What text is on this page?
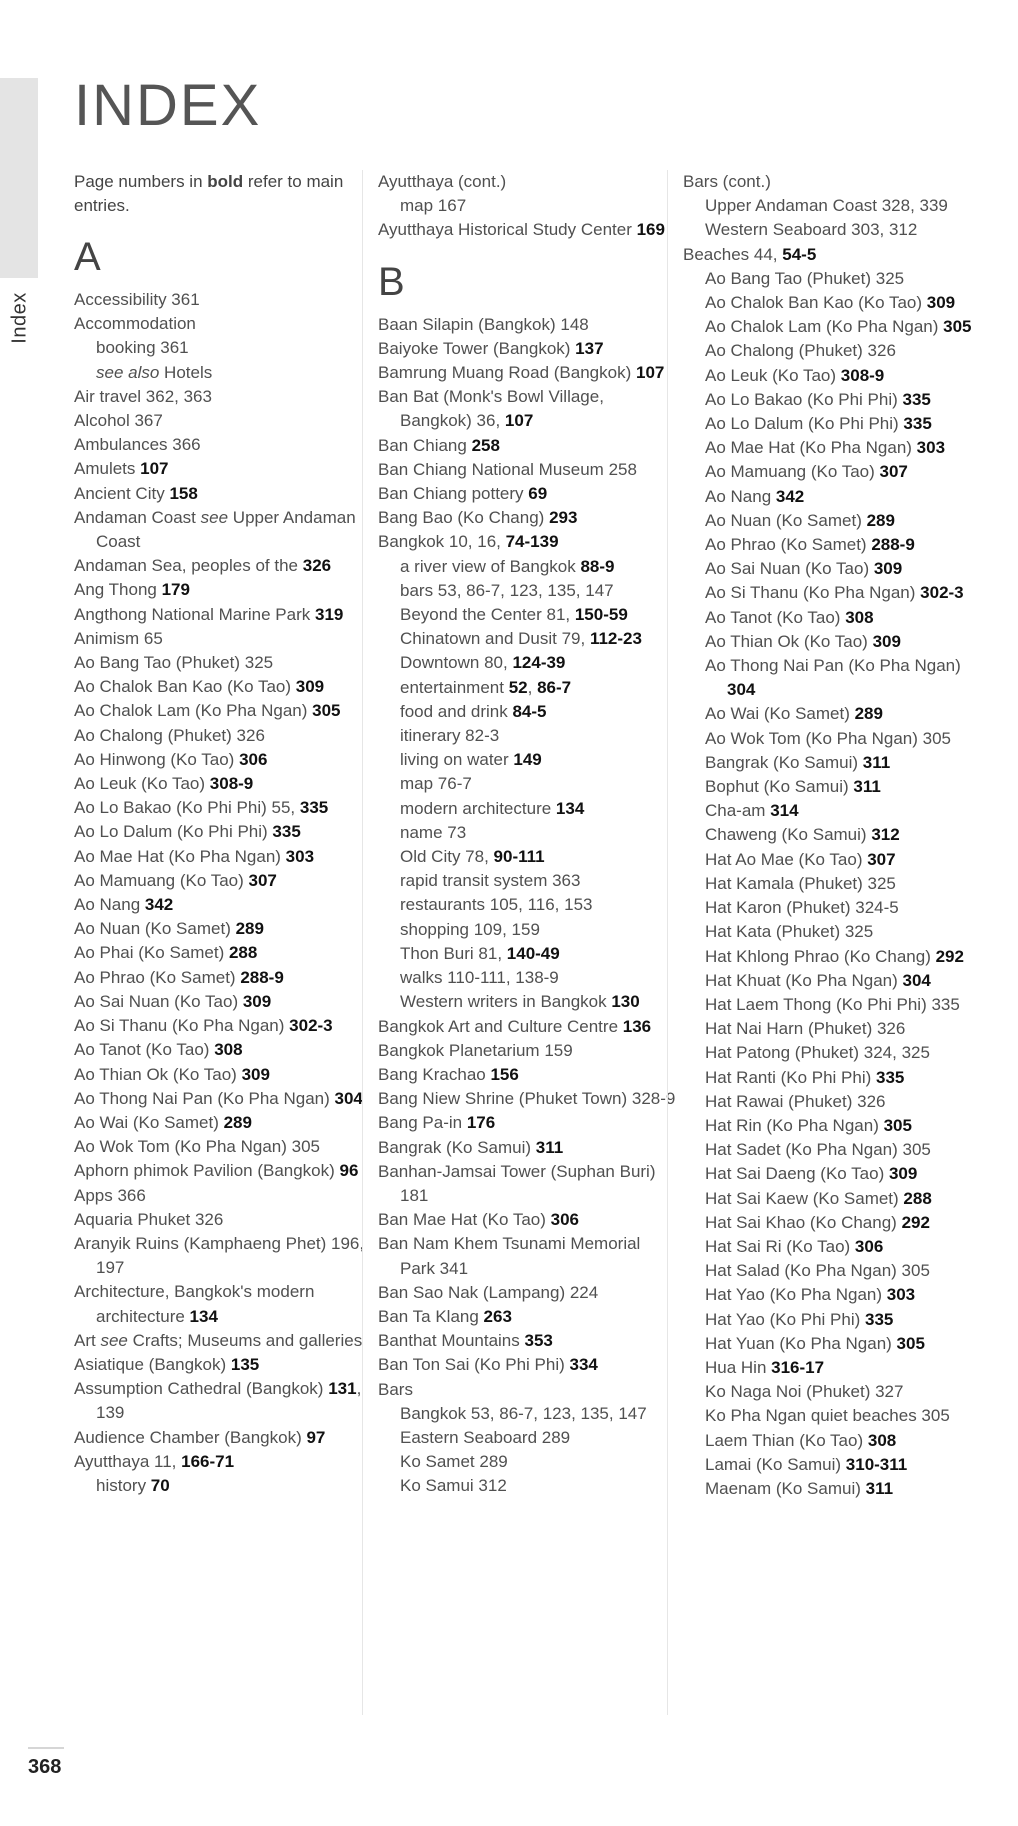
Index
INDEX
Page numbers in bold refer to main entries.
A
Accessibility 361
Accommodation
booking 361
see also Hotels
Air travel 362, 363
Alcohol 367
Ambulances 366
Amulets 107
Ancient City 158
Andaman Coast see Upper Andaman Coast
Andaman Sea, peoples of the 326
Ang Thong 179
Angthong National Marine Park 319
Animism 65
Ao Bang Tao (Phuket) 325
Ao Chalok Ban Kao (Ko Tao) 309
Ao Chalok Lam (Ko Pha Ngan) 305
Ao Chalong (Phuket) 326
Ao Hinwong (Ko Tao) 306
Ao Leuk (Ko Tao) 308-9
Ao Lo Bakao (Ko Phi Phi) 55, 335
Ao Lo Dalum (Ko Phi Phi) 335
Ao Mae Hat (Ko Pha Ngan) 303
Ao Mamuang (Ko Tao) 307
Ao Nang 342
Ao Nuan (Ko Samet) 289
Ao Phai (Ko Samet) 288
Ao Phrao (Ko Samet) 288-9
Ao Sai Nuan (Ko Tao) 309
Ao Si Thanu (Ko Pha Ngan) 302-3
Ao Tanot (Ko Tao) 308
Ao Thian Ok (Ko Tao) 309
Ao Thong Nai Pan (Ko Pha Ngan) 304
Ao Wai (Ko Samet) 289
Ao Wok Tom (Ko Pha Ngan) 305
Aphorn phimok Pavilion (Bangkok) 96
Apps 366
Aquaria Phuket 326
Aranyik Ruins (Kamphaeng Phet) 196, 197
Architecture, Bangkok's modern architecture 134
Art see Crafts; Museums and galleries
Asiatique (Bangkok) 135
Assumption Cathedral (Bangkok) 131, 139
Audience Chamber (Bangkok) 97
Ayutthaya 11, 166-71
history 70
Ayutthaya (cont.)
map 167
Ayutthaya Historical Study Center 169
B
Baan Silapin (Bangkok) 148
Baiyoke Tower (Bangkok) 137
Bamrung Muang Road (Bangkok) 107
Ban Bat (Monk's Bowl Village, Bangkok) 36, 107
Ban Chiang 258
Ban Chiang National Museum 258
Ban Chiang pottery 69
Bang Bao (Ko Chang) 293
Bangkok 10, 16, 74-139
a river view of Bangkok 88-9
bars 53, 86-7, 123, 135, 147
Beyond the Center 81, 150-59
Chinatown and Dusit 79, 112-23
Downtown 80, 124-39
entertainment 52, 86-7
food and drink 84-5
itinerary 82-3
living on water 149
map 76-7
modern architecture 134
name 73
Old City 78, 90-111
rapid transit system 363
restaurants 105, 116, 153
shopping 109, 159
Thon Buri 81, 140-49
walks 110-111, 138-9
Western writers in Bangkok 130
Bangkok Art and Culture Centre 136
Bangkok Planetarium 159
Bang Krachao 156
Bang Niew Shrine (Phuket Town) 328-9
Bang Pa-in 176
Bangrak (Ko Samui) 311
Banhan-Jamsai Tower (Suphan Buri) 181
Ban Mae Hat (Ko Tao) 306
Ban Nam Khem Tsunami Memorial Park 341
Ban Sao Nak (Lampang) 224
Ban Ta Klang 263
Banthat Mountains 353
Ban Ton Sai (Ko Phi Phi) 334
Bars
Bangkok 53, 86-7, 123, 135, 147
Eastern Seaboard 289
Ko Samet 289
Ko Samui 312
Bars (cont.)
Upper Andaman Coast 328, 339
Western Seaboard 303, 312
Beaches 44, 54-5
Ao Bang Tao (Phuket) 325
Ao Chalok Ban Kao (Ko Tao) 309
Ao Chalok Lam (Ko Pha Ngan) 305
Ao Chalong (Phuket) 326
Ao Leuk (Ko Tao) 308-9
Ao Lo Bakao (Ko Phi Phi) 335
Ao Lo Dalum (Ko Phi Phi) 335
Ao Mae Hat (Ko Pha Ngan) 303
Ao Mamuang (Ko Tao) 307
Ao Nang 342
Ao Nuan (Ko Samet) 289
Ao Phrao (Ko Samet) 288-9
Ao Sai Nuan (Ko Tao) 309
Ao Si Thanu (Ko Pha Ngan) 302-3
Ao Tanot (Ko Tao) 308
Ao Thian Ok (Ko Tao) 309
Ao Thong Nai Pan (Ko Pha Ngan) 304
Ao Wai (Ko Samet) 289
Ao Wok Tom (Ko Pha Ngan) 305
Bangrak (Ko Samui) 311
Bophut (Ko Samui) 311
Cha-am 314
Chaweng (Ko Samui) 312
Hat Ao Mae (Ko Tao) 307
Hat Kamala (Phuket) 325
Hat Karon (Phuket) 324-5
Hat Kata (Phuket) 325
Hat Khlong Phrao (Ko Chang) 292
Hat Khuat (Ko Pha Ngan) 304
Hat Laem Thong (Ko Phi Phi) 335
Hat Nai Harn (Phuket) 326
Hat Patong (Phuket) 324, 325
Hat Ranti (Ko Phi Phi) 335
Hat Rawai (Phuket) 326
Hat Rin (Ko Pha Ngan) 305
Hat Sadet (Ko Pha Ngan) 305
Hat Sai Daeng (Ko Tao) 309
Hat Sai Kaew (Ko Samet) 288
Hat Sai Khao (Ko Chang) 292
Hat Sai Ri (Ko Tao) 306
Hat Salad (Ko Pha Ngan) 305
Hat Yao (Ko Pha Ngan) 303
Hat Yao (Ko Phi Phi) 335
Hat Yuan (Ko Pha Ngan) 305
Hua Hin 316-17
Ko Naga Noi (Phuket) 327
Ko Pha Ngan quiet beaches 305
Laem Thian (Ko Tao) 308
Lamai (Ko Samui) 310-311
Maenam (Ko Samui) 311
368
